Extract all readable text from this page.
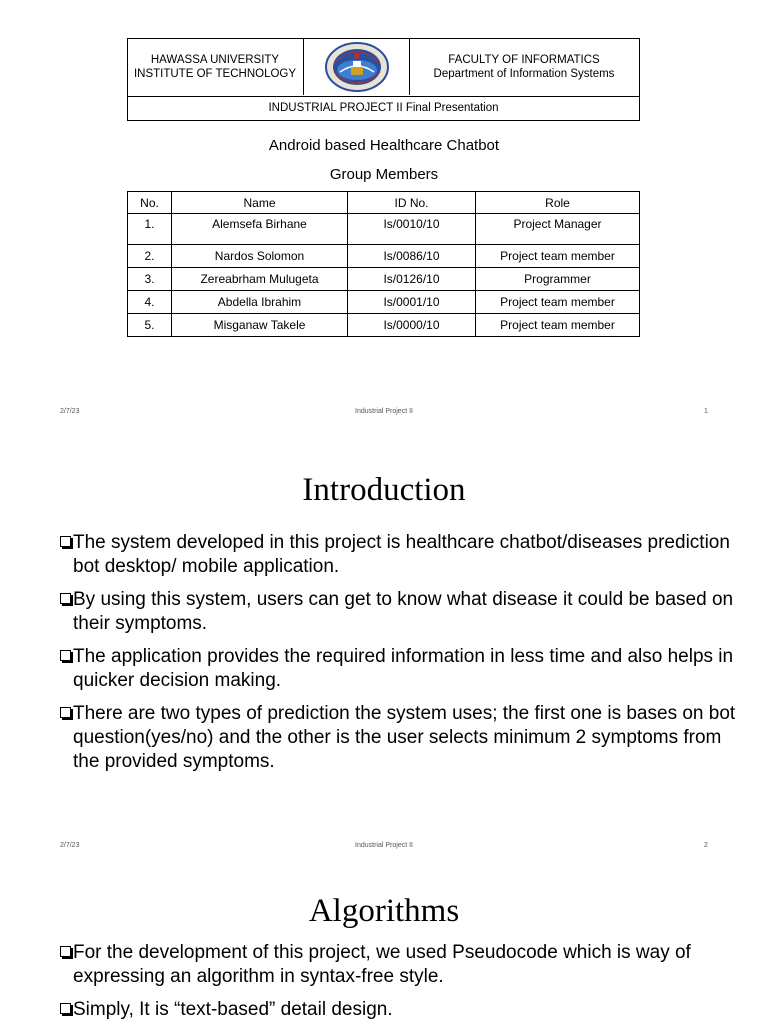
HAWASSA UNIVERSITY
INSTITUTE OF TECHNOLOGY
FACULTY OF INFORMATICS
Department of Information Systems
INDUSTRIAL PROJECT II Final Presentation
Android based Healthcare Chatbot
Group Members
No.	Name	ID No.	Role
1.	Alemsefa Birhane	Is/0010/10	Project Manager
2.	Nardos Solomon	Is/0086/10	Project team member
3.	Zereabrham Mulugeta	Is/0126/10	Programmer
4.	Abdella Ibrahim	Is/0001/10	Project team member
5.	Misganaw Takele	Is/0000/10	Project team member
2/7/23	Industrial Project II	1
Introduction

The system developed in this project is healthcare chatbot/diseases prediction bot desktop/ mobile application.

By using this system, users can get to know what disease it could be based on their symptoms.

The application provides the required information in less time and also helps in quicker decision making.

There are two types of prediction the system uses; the first one is bases on bot question(yes/no) and the other is the user selects minimum 2 symptoms from the provided symptoms.

2/7/23	Industrial Project II	2
Algorithms

For the development of this project, we used Pseudocode which is way of expressing an algorithm in syntax-free style.

Simply, It is “text-based” detail design.
